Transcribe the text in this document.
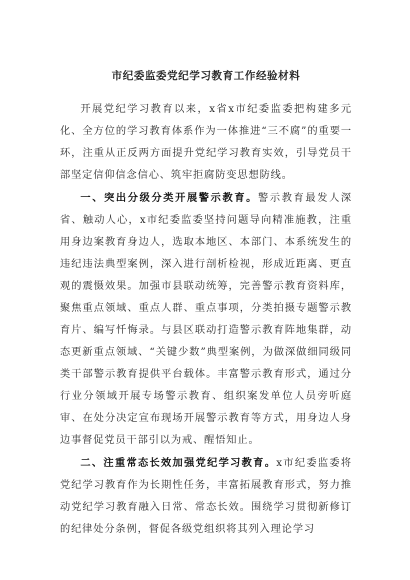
市纪委监委党纪学习教育工作经验材料

开展党纪学习教育以来，x省x市纪委监委把构建多元化、全方位的学习教育体系作为一体推进“三不腐”的重要一环，注重从正反两方面提升党纪学习教育实效，引导党员干部坚定信仰信念信心、筑牢拒腐防变思想防线。

一、突出分级分类开展警示教育。警示教育最发人深省、触动人心，x市纪委监委坚持问题导向精准施教，注重用身边案教育身边人，选取本地区、本部门、本系统发生的违纪违法典型案例，深入进行剖析检视，形成近距离、更直观的震慑效果。加强市县联动统筹，完善警示教育资料库，聚焦重点领域、重点人群、重点事项，分类拍摄专题警示教育片、编写忏悔录。与县区联动打造警示教育阵地集群，动态更新重点领域、“关键少数”典型案例，为做深做细同级同类干部警示教育提供平台载体。丰富警示教育形式，通过分行业分领域开展专场警示教育、组织案发单位人员旁听庭审、在处分决定宣布现场开展警示教育等方式，用身边人身边事督促党员干部引以为戒、醒悟知止。

二、注重常态长效加强党纪学习教育。x市纪委监委将党纪学习教育作为长期性任务，丰富拓展教育形式，努力推动党纪学习教育融入日常、常态长效。围绕学习贯彻新修订的纪律处分条例，督促各级党组织将其列入理论学习
